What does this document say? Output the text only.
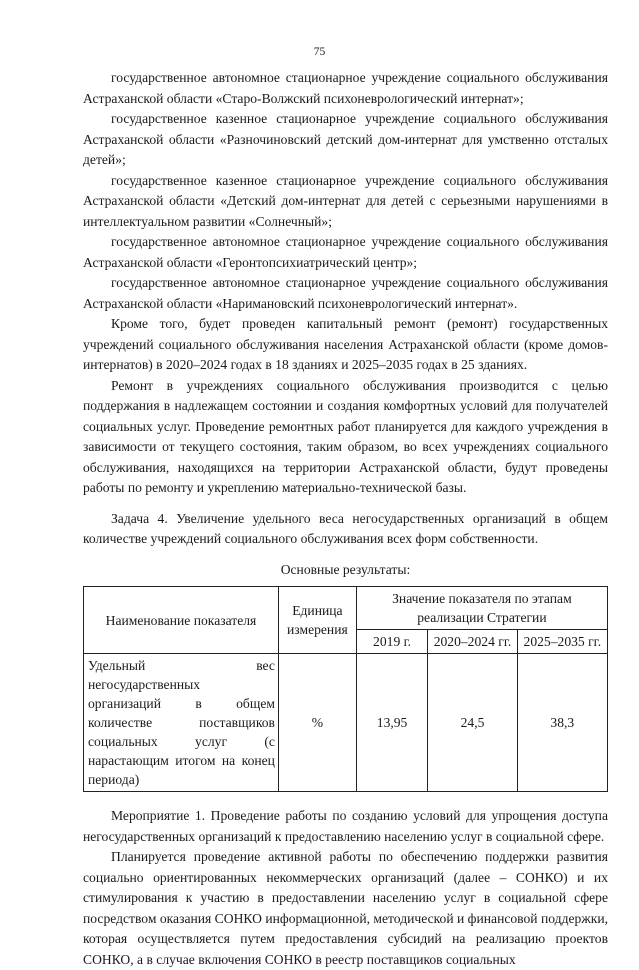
75

государственное автономное стационарное учреждение социального обслуживания Астраханской области «Старо-Волжский психоневрологический интернат»;

государственное казенное стационарное учреждение социального обслуживания Астраханской области «Разночиновский детский дом-интернат для умственно отсталых детей»;

государственное казенное стационарное учреждение социального обслуживания Астраханской области «Детский дом-интернат для детей с серьезными нарушениями в интеллектуальном развитии «Солнечный»;

государственное автономное стационарное учреждение социального обслуживания Астраханской области «Геронтопсихиатрический центр»;

государственное автономное стационарное учреждение социального обслуживания Астраханской области «Наримановский психоневрологический интернат».

Кроме того, будет проведен капитальный ремонт (ремонт) государственных учреждений социального обслуживания населения Астраханской области (кроме домов-интернатов) в 2020–2024 годах в 18 зданиях и 2025–2035 годах в 25 зданиях.

Ремонт в учреждениях социального обслуживания производится с целью поддержания в надлежащем состоянии и создания комфортных условий для получателей социальных услуг. Проведение ремонтных работ планируется для каждого учреждения в зависимости от текущего состояния, таким образом, во всех учреждениях социального обслуживания, находящихся на территории Астраханской области, будут проведены работы по ремонту и укреплению материально-технической базы.

Задача 4. Увеличение удельного веса негосударственных организаций в общем количестве учреждений социального обслуживания всех форм собственности.

Основные результаты:
Наименование показателя	Единица измерения	Значение показателя по этапам реализации Стратегии		
		2019 г.	2020–2024 гг.	2025–2035 гг.
Удельный вес негосударственных организаций в общем количестве поставщиков социальных услуг (с нарастающим итогом на конец периода)	%	13,95	24,5	38,3

Мероприятие 1. Проведение работы по созданию условий для упрощения доступа негосударственных организаций к предоставлению населению услуг в социальной сфере.

Планируется проведение активной работы по обеспечению поддержки развития социально ориентированных некоммерческих организаций (далее – СОНКО) и их стимулирования к участию в предоставлении населению услуг в социальной сфере посредством оказания СОНКО информационной, методической и финансовой поддержки, которая осуществляется путем предоставления субсидий на реализацию проектов СОНКО, а в случае включения СОНКО в реестр поставщиков социальных
